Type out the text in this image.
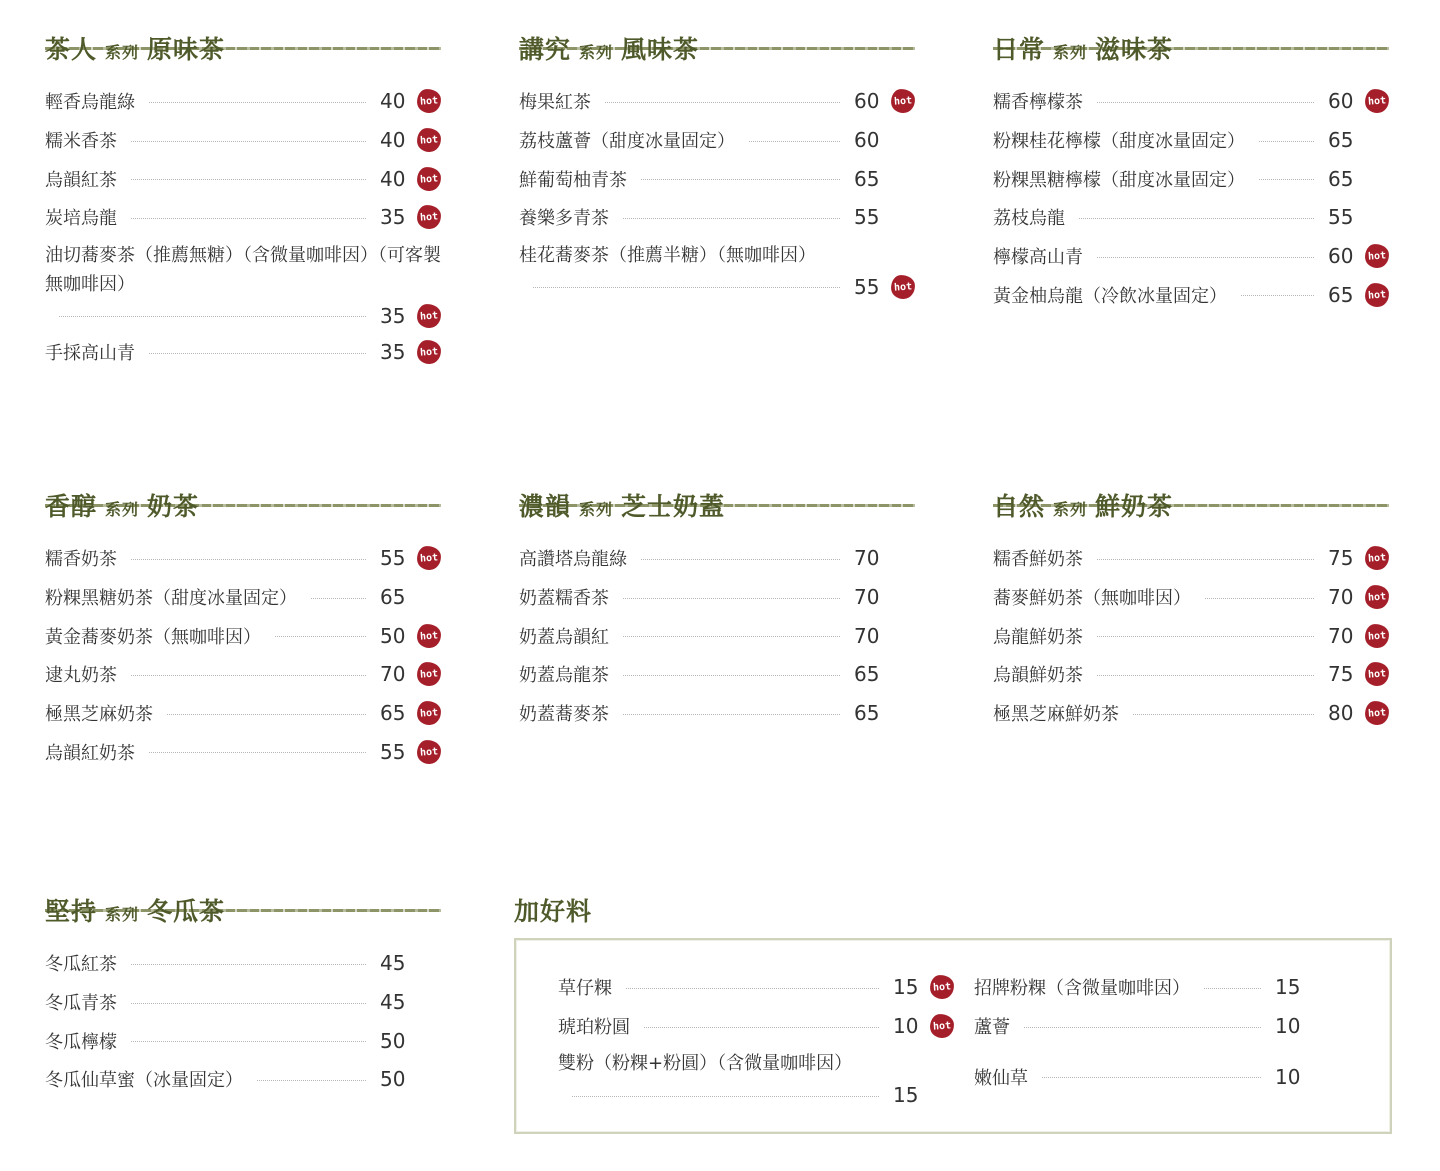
茶人 系列 原味茶
輕香烏龍綠	40	hot
糯米香茶	40	hot
烏韻紅茶	40	hot
炭培烏龍	35	hot
油切蕎麥茶（推薦無糖）（含微量咖啡因）（可客製無咖啡因）
35	hot
手採高山青	35	hot
講究 系列 風味茶
梅果紅茶	60	hot
荔枝蘆薈（甜度冰量固定）	60
鮮葡萄柚青茶	65
養樂多青茶	55
桂花蕎麥茶（推薦半糖）（無咖啡因）
55	hot
日常 系列 滋味茶
糯香檸檬茶	60	hot
粉粿桂花檸檬（甜度冰量固定）	65
粉粿黑糖檸檬（甜度冰量固定）	65
荔枝烏龍	55
檸檬高山青	60	hot
黃金柚烏龍（冷飲冰量固定）	65	hot
香醇 系列 奶茶
糯香奶茶	55	hot
粉粿黑糖奶茶（甜度冰量固定）	65
黃金蕎麥奶茶（無咖啡因）	50	hot
逮丸奶茶	70	hot
極黑芝麻奶茶	65	hot
烏韻紅奶茶	55	hot
濃韻 系列 芝士奶蓋
高讚塔烏龍綠	70
奶蓋糯香茶	70
奶蓋烏韻紅	70
奶蓋烏龍茶	65
奶蓋蕎麥茶	65
自然 系列 鮮奶茶
糯香鮮奶茶	75	hot
蕎麥鮮奶茶（無咖啡因）	70	hot
烏龍鮮奶茶	70	hot
烏韻鮮奶茶	75	hot
極黑芝麻鮮奶茶	80	hot
堅持 系列 冬瓜茶
冬瓜紅茶	45
冬瓜青茶	45
冬瓜檸檬	50
冬瓜仙草蜜（冰量固定）	50
加好料
草仔粿	15	hot
琥珀粉圓	10	hot
雙粉（粉粿+粉圓）（含微量咖啡因）
15
招牌粉粿（含微量咖啡因）	15
蘆薈	10
嫩仙草	10
